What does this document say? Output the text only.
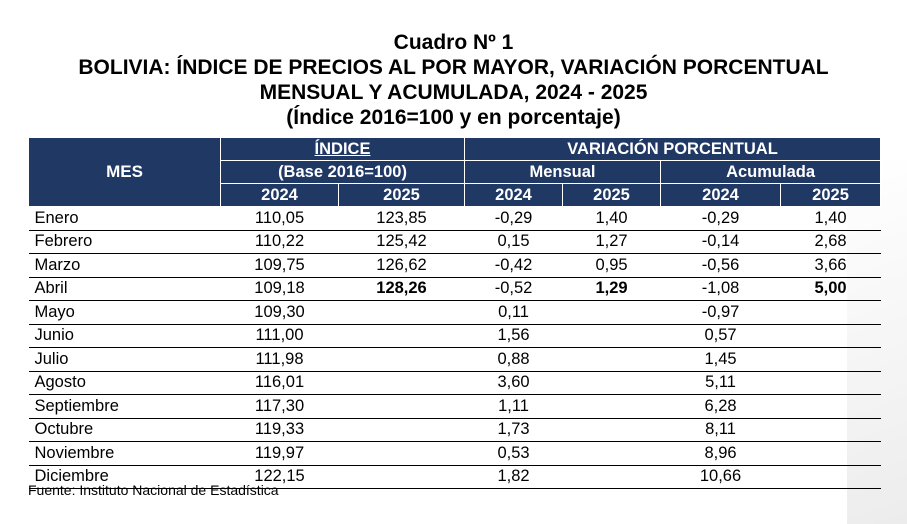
Cuadro Nº 1
BOLIVIA: ÍNDICE DE PRECIOS AL POR MAYOR, VARIACIÓN PORCENTUAL
MENSUAL Y ACUMULADA, 2024 - 2025
(Índice 2016=100 y en porcentaje)
MES	ÍNDICE		VARIACIÓN PORCENTUAL			
	(Base 2016=100)		Mensual		Acumulada	
	2024	2025	2024	2025	2024	2025
Enero	110,05	123,85	-0,29	1,40	-0,29	1,40
Febrero	110,22	125,42	0,15	1,27	-0,14	2,68
Marzo	109,75	126,62	-0,42	0,95	-0,56	3,66
Abril	109,18	128,26	-0,52	1,29	-1,08	5,00
Mayo	109,30		0,11		-0,97	
Junio	111,00		1,56		0,57	
Julio	111,98		0,88		1,45	
Agosto	116,01		3,60		5,11	
Septiembre	117,30		1,11		6,28	
Octubre	119,33		1,73		8,11	
Noviembre	119,97		0,53		8,96	
Diciembre	122,15		1,82		10,66	
Fuente: Instituto Nacional de Estadística
